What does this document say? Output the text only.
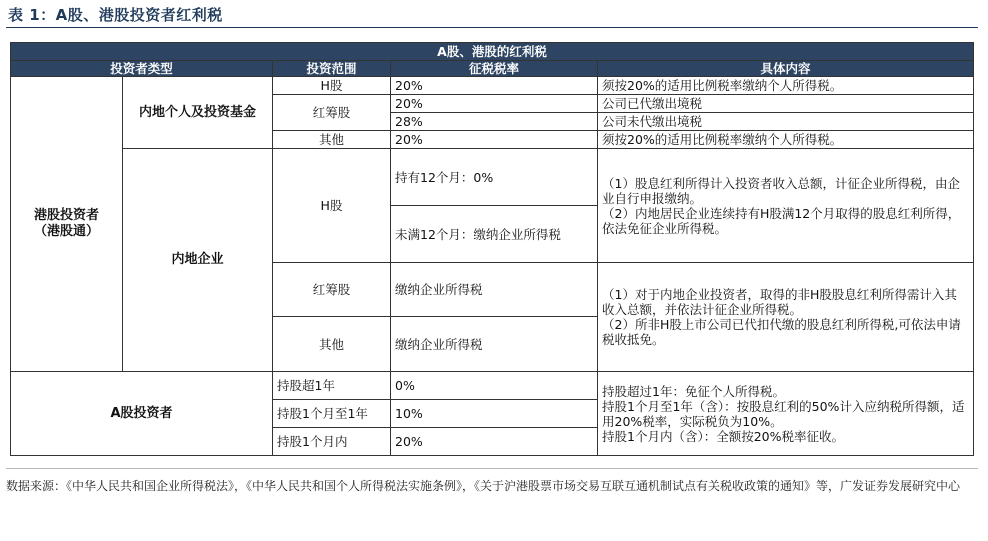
表 1：A股、港股投资者红利税
A股、港股的红利税				
投资者类型		投资范围	征税税率	具体内容
港股投资者
（港股通）	内地个人及投资基金	H股	20%	须按20%的适用比例税率缴纳个人所得税。
		红筹股	20%	公司已代缴出境税
			28%	公司未代缴出境税
		其他	20%	须按20%的适用比例税率缴纳个人所得税。
	内地企业	H股	持有12个月：0%	（1）股息红利所得计入投资者收入总额，计征企业所得税，由企业自行申报缴纳。
（2）内地居民企业连续持有H股满12个月取得的股息红利所得，依法免征企业所得税。
			未满12个月：缴纳企业所得税	
		红筹股	缴纳企业所得税	（1）对于内地企业投资者，取得的非H股股息红利所得需计入其收入总额，并依法计征企业所得税。
（2）所非H股上市公司已代扣代缴的股息红利所得税,可依法申请税收抵免。
		其他	缴纳企业所得税	

A股投资者		持股超1年	0%	持股超过1年：免征个人所得税。
持股1个月至1年（含）：按股息红利的50%计入应纳税所得额，适用20%税率，实际税负为10%。
持股1个月内（含）：全额按20%税率征收。
		持股1个月至1年	10%	
		持股1个月内	20%	
数据来源：《中华人民共和国企业所得税法》，《中华人民共和国个人所得税法实施条例》，《关于沪港股票市场交易互联互通机制试点有关税收政策的通知》等，广发证券发展研究中心
